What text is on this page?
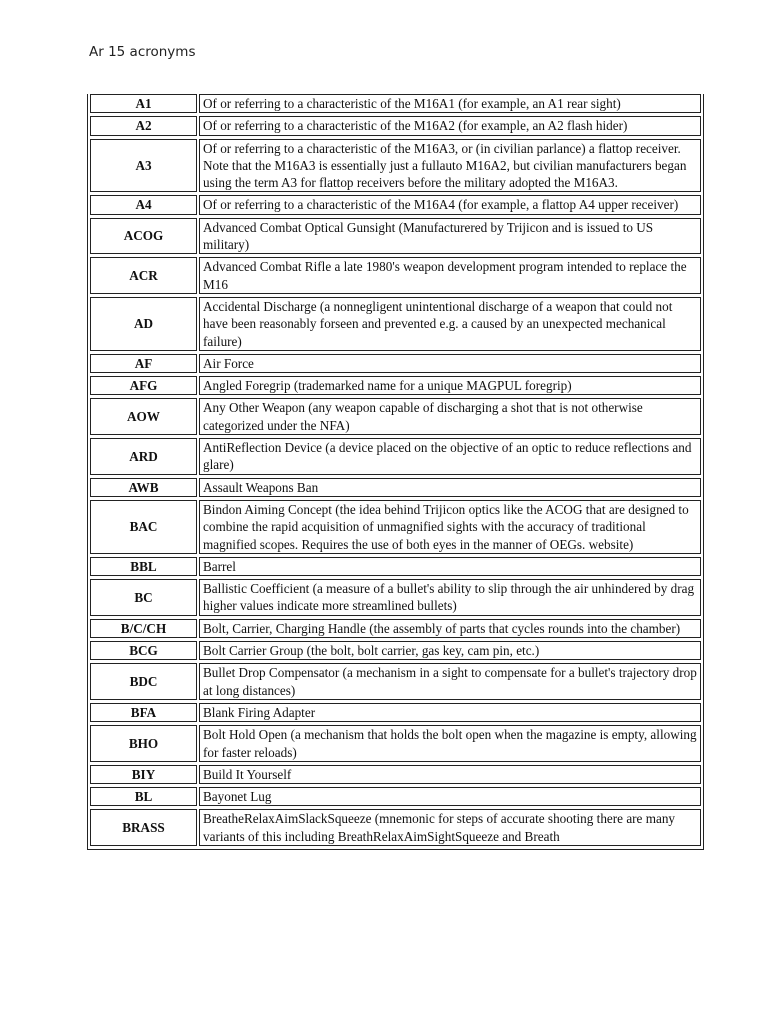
Ar 15 acronyms
A1	Of or referring to a characteristic of the M16A1 (for example, an A1 rear sight)
A2	Of or referring to a characteristic of the M16A2 (for example, an A2 flash hider)
A3	Of or referring to a characteristic of the M16A3, or (in civilian parlance) a flattop receiver. Note that the M16A3 is essentially just a fullauto M16A2, but civilian manufacturers began using the term A3 for flattop receivers before the military adopted the M16A3.
A4	Of or referring to a characteristic of the M16A4 (for example, a flattop A4 upper receiver)
ACOG	Advanced Combat Optical Gunsight (Manufacturered by Trijicon and is issued to US military)
ACR	Advanced Combat Rifle a late 1980's weapon development program intended to replace the M16
AD	Accidental Discharge (a nonnegligent unintentional discharge of a weapon that could not have been reasonably forseen and prevented e.g. a caused by an unexpected mechanical failure)
AF	Air Force
AFG	Angled Foregrip (trademarked name for a unique MAGPUL foregrip)
AOW	Any Other Weapon (any weapon capable of discharging a shot that is not otherwise categorized under the NFA)
ARD	AntiReflection Device (a device placed on the objective of an optic to reduce reflections and glare)
AWB	Assault Weapons Ban
BAC	Bindon Aiming Concept (the idea behind Trijicon optics like the ACOG that are designed to combine the rapid acquisition of unmagnified sights with the accuracy of traditional magnified scopes. Requires the use of both eyes in the manner of OEGs. website)
BBL	Barrel
BC	Ballistic Coefficient (a measure of a bullet's ability to slip through the air unhindered by drag higher values indicate more streamlined bullets)
B/C/CH	Bolt, Carrier, Charging Handle (the assembly of parts that cycles rounds into the chamber)
BCG	Bolt Carrier Group (the bolt, bolt carrier, gas key, cam pin, etc.)
BDC	Bullet Drop Compensator (a mechanism in a sight to compensate for a bullet's trajectory drop at long distances)
BFA	Blank Firing Adapter
BHO	Bolt Hold Open (a mechanism that holds the bolt open when the magazine is empty, allowing for faster reloads)
BIY	Build It Yourself
BL	Bayonet Lug
BRASS	BreatheRelaxAimSlackSqueeze (mnemonic for steps of accurate shooting there are many variants of this including BreathRelaxAimSightSqueeze and Breath
